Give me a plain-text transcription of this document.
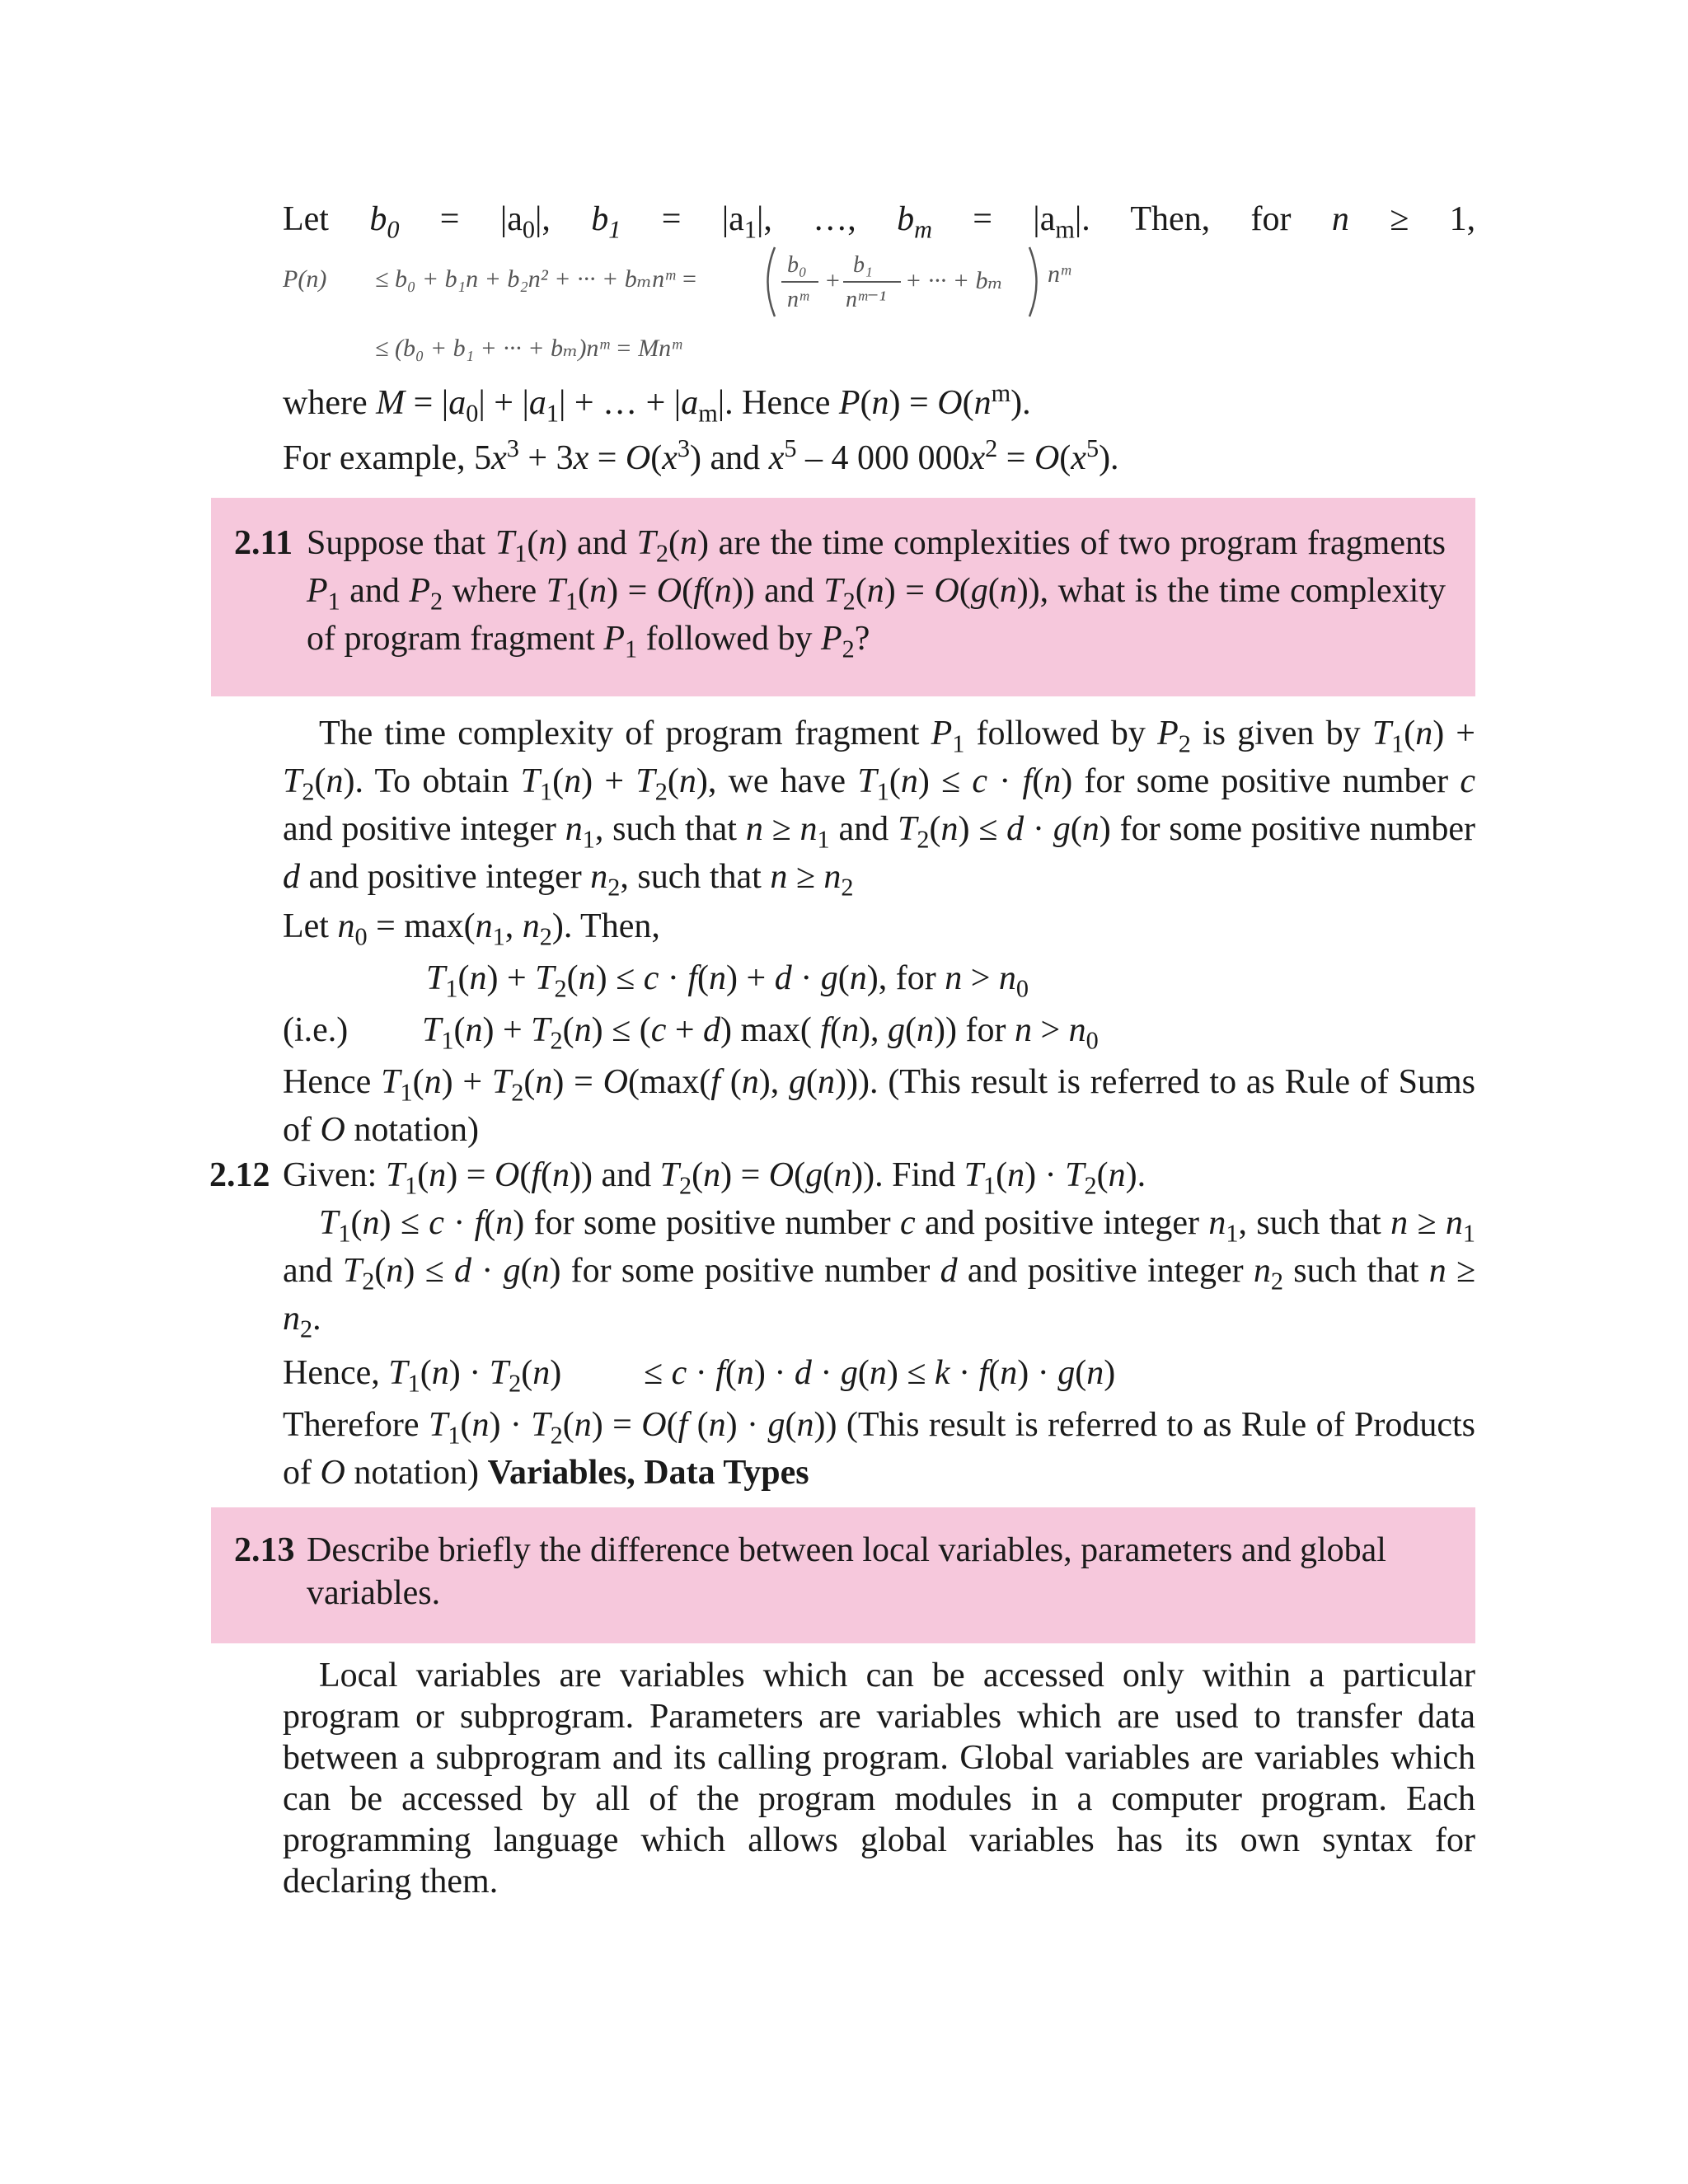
Let $b_0 = |a_0|$, $b_1 = |a_1|$, …, $b_m = |a_m|$. Then, for n ≥ 1,
P(n) ≤ b₀ + b₁n + b₂n² + ··· + bₘnᵐ =
b₀
nᵐ
+
b₁
nᵐ⁻¹
+ ··· + bₘ nᵐ
≤ (b₀ + b₁ + ··· + bₘ)nᵐ = Mnᵐ
where $M = |a_0| + |a_1|$ + … + $|a_m|$. Hence $P(n) = O(n^m)$.
For example, $5x^3 + 3x = O(x^3)$ and $x^5 - 4$ 000 $000x^2 = O(x^5)$.
2.11 Suppose that $T_1(n)$ and $T_2(n)$ are the time complexities of two program fragments $P_1$ and $P_2$ where $T_1(n) = O(f(n))$ and $T_2(n) = O(g(n))$, what is the time complexity of program fragment $P_1$ followed by $P_2$?
The time complexity of program fragment $P_1$ followed by $P_2$ is given by $T_1(n) + T_2(n)$. To obtain $T_1(n) + T_2(n)$, we have $T_1(n) \le c \cdot f(n)$ for some positive number c and positive integer $n_1$, such that $n \ge n_1$ and $T_2(n) \le d \cdot g(n)$ for some positive number d and positive integer $n_2$, such that $n \ge n_2$
Let $n_0 = \max(n_1$, $n_2$). Then,
$T_1(n) + T_2(n) \le c \cdot f(n) + d \cdot g(n)$, for $n > n_0$
(i.e.)	$T_1(n) + T_2(n) \le (c + d)$ max( f(n), g(n)) for $n > n_0$
Hence $T_1(n) + T_2(n) = O(\max(f$ (n), g(n))). (This result is referred to as Rule of Sums of O notation)
2.12 Given: $T_1(n) = O(f(n))$ and $T_2(n) = O(g(n))$. Find $T_1(n) \cdot T_2(n)$.
$T_1(n) \le c \cdot f(n)$ for some positive number c and positive integer $n_1$, such that $n \ge n_1$ and $T_2(n) \le d \cdot g(n)$ for some positive number d and positive integer $n_2$ such that $n \ge n_2$.
Hence, $T_1(n) \cdot T_2(n)$	≤ c · f(n) · d · g(n) ≤ k · f(n) · g(n)
Therefore $T_1(n) \cdot T_2(n) = O(f$ (n) · g(n)) (This result is referred to as Rule of Products of O notation) Variables, Data Types
2.13 Describe briefly the difference between local variables, parameters and global variables.
Local variables are variables which can be accessed only within a particular program or subprogram. Parameters are variables which are used to transfer data between a subprogram and its calling program. Global variables are variables which can be accessed by all of the program modules in a computer program. Each programming language which allows global variables has its own syntax for declaring them.
